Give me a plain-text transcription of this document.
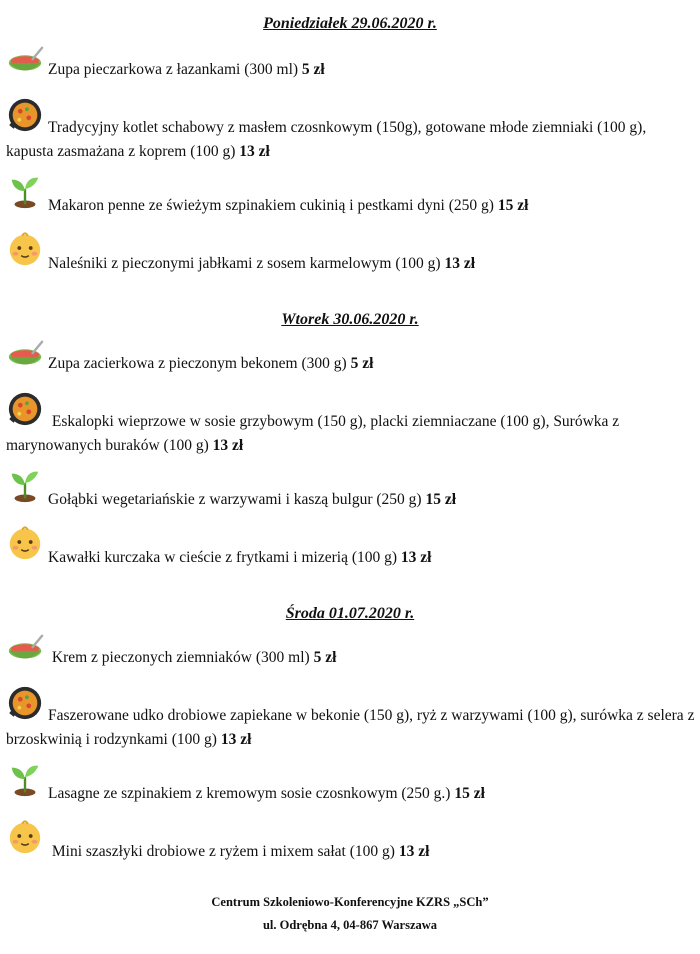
Poniedziałek 29.06.2020 r.
Zupa pieczarkowa z łazankami (300 ml) 5 zł
Tradycyjny kotlet schabowy z masłem czosnkowym (150g), gotowane młode ziemniaki (100 g), kapusta zasmażana z koprem (100 g) 13 zł
Makaron penne ze świeżym szpinakiem cukinią i pestkami dyni (250 g) 15 zł
Naleśniki z pieczonymi jabłkami z sosem karmelowym (100 g) 13 zł
Wtorek 30.06.2020 r.
Zupa zacierkowa z pieczonym bekonem (300 g) 5 zł
Eskalopki wieprzowe w sosie grzybowym (150 g), placki ziemniaczane (100 g), Surówka z marynowanych buraków (100 g) 13 zł
Gołąbki wegetariańskie z warzywami i kaszą bulgur (250 g) 15 zł
Kawałki kurczaka w cieście z frytkami i mizerią (100 g) 13 zł
Środa 01.07.2020 r.
Krem z pieczonych ziemniaków (300 ml) 5 zł
Faszerowane udko drobiowe zapiekane w bekonie (150 g), ryż z warzywami (100 g), surówka z selera z brzoskwinią i rodzynkami (100 g) 13 zł
Lasagne ze szpinakiem z kremowym sosie czosnkowym (250 g.) 15 zł
Mini szaszłyki drobiowe z ryżem i mixem sałat (100 g) 13 zł
Centrum Szkoleniowo-Konferencyjne KZRS „SCh”
ul. Odrębna 4, 04-867 Warszawa
